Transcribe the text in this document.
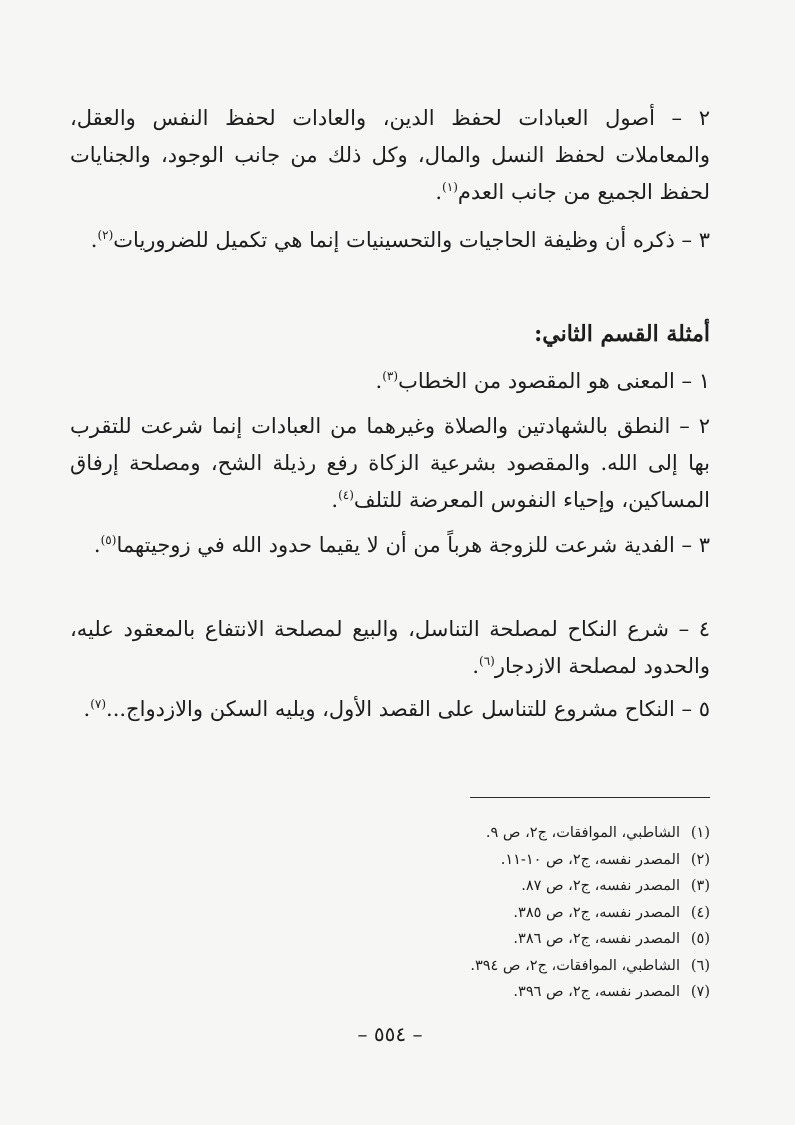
٢ – أصول العبادات لحفظ الدين، والعادات لحفظ النفس والعقل، والمعاملات لحفظ النسل والمال، وكل ذلك من جانب الوجود، والجنايات لحفظ الجميع من جانب العدم$^{(١)}$.

٣ – ذكره أن وظيفة الحاجيات والتحسينيات إنما هي تكميل للضروريات$^{(٢)}$.

أمثلة القسم الثاني:

١ – المعنى هو المقصود من الخطاب$^{(٣)}$.

٢ – النطق بالشهادتين والصلاة وغيرهما من العبادات إنما شرعت للتقرب بها إلى الله. والمقصود بشرعية الزكاة رفع رذيلة الشح، ومصلحة إرفاق المساكين، وإحياء النفوس المعرضة للتلف$^{(٤)}$.

٣ – الفدية شرعت للزوجة هرباً من أن لا يقيما حدود الله في زوجيتهما$^{(٥)}$.

٤ – شرع النكاح لمصلحة التناسل، والبيع لمصلحة الانتفاع بالمعقود عليه، والحدود لمصلحة الازدجار$^{(٦)}$.

٥ – النكاح مشروع للتناسل على القصد الأول، ويليه السكن والازدواج...$^{(٧)}$.

(١)الشاطبي، الموافقات، ج٢، ص ٩.
(٢)المصدر نفسه، ج٢، ص ١٠-١١.
(٣)المصدر نفسه، ج٢، ص ٨٧.
(٤)المصدر نفسه، ج٢، ص ٣٨٥.
(٥)المصدر نفسه، ج٢، ص ٣٨٦.
(٦)الشاطبي، الموافقات، ج٢، ص ٣٩٤.
(٧)المصدر نفسه، ج٢، ص ٣٩٦.
– ٥٥٤ –
